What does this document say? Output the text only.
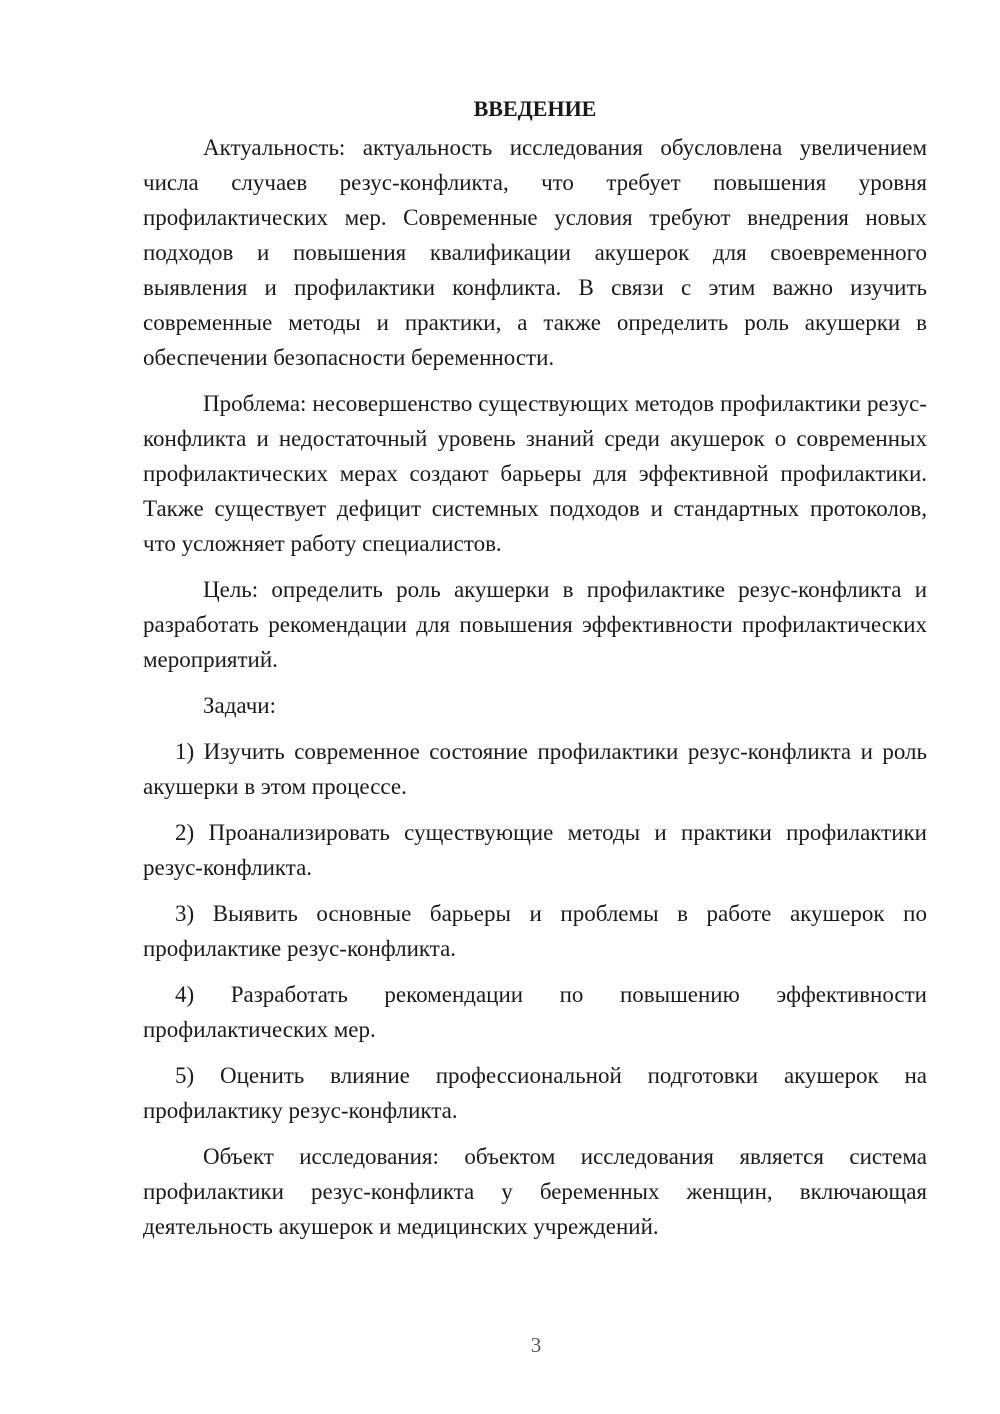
ВВЕДЕНИЕ

Актуальность: актуальность исследования обусловлена увеличением числа случаев резус-конфликта, что требует повышения уровня профилактических мер. Современные условия требуют внедрения новых подходов и повышения квалификации акушерок для своевременного выявления и профилактики конфликта. В связи с этим важно изучить современные методы и практики, а также определить роль акушерки в обеспечении безопасности беременности.

Проблема: несовершенство существующих методов профилактики резус-конфликта и недостаточный уровень знаний среди акушерок о современных профилактических мерах создают барьеры для эффективной профилактики. Также существует дефицит системных подходов и стандартных протоколов, что усложняет работу специалистов.

Цель: определить роль акушерки в профилактике резус-конфликта и разработать рекомендации для повышения эффективности профилактических мероприятий.

Задачи:

1) Изучить современное состояние профилактики резус-конфликта и роль акушерки в этом процессе.

2) Проанализировать существующие методы и практики профилактики резус-конфликта.

3) Выявить основные барьеры и проблемы в работе акушерок по профилактике резус-конфликта.

4) Разработать рекомендации по повышению эффективности профилактических мер.

5) Оценить влияние профессиональной подготовки акушерок на профилактику резус-конфликта.

Объект исследования: объектом исследования является система профилактики резус-конфликта у беременных женщин, включающая деятельность акушерок и медицинских учреждений.

3
